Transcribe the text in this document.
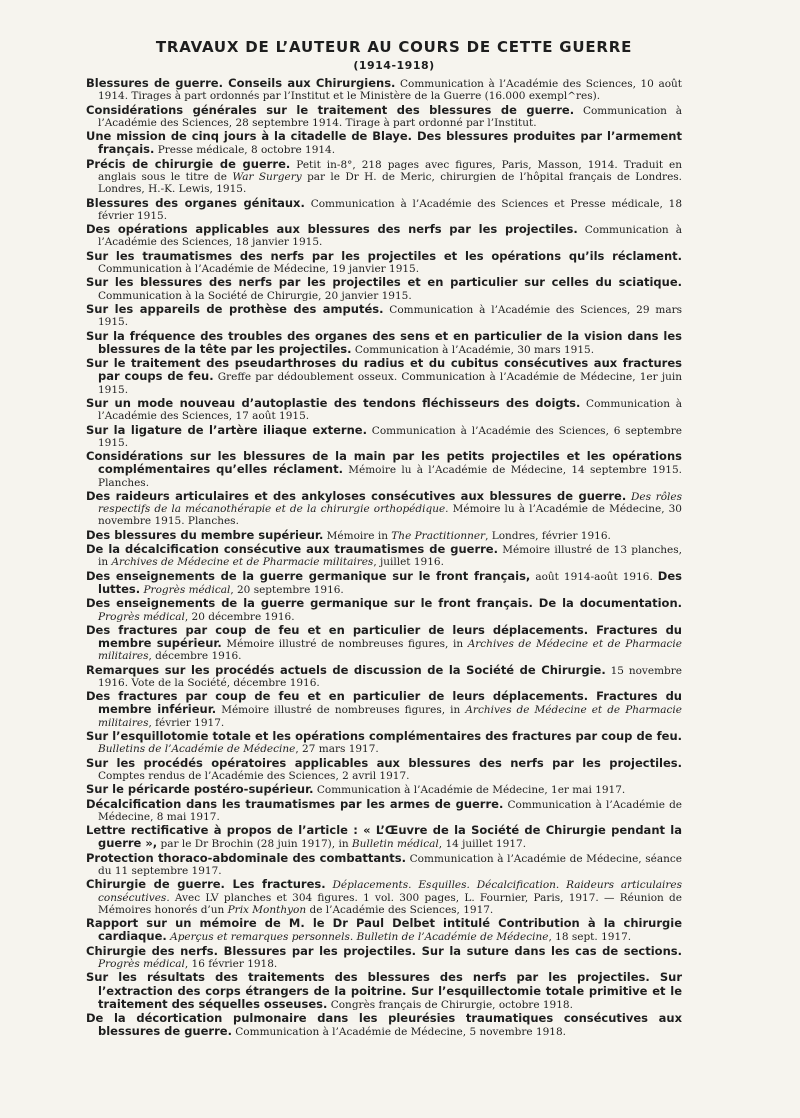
TRAVAUX DE L’AUTEUR AU COURS DE CETTE GUERRE
(1914-1918)
Blessures de guerre. Conseils aux Chirurgiens. Communication à l’Académie des Sciences, 10 août 1914. Tirages à part ordonnés par l’Institut et le Ministère de la Guerre (16.000 exempl^res).
Considérations générales sur le traitement des blessures de guerre. Communication à l’Académie des Sciences, 28 septembre 1914. Tirage à part ordonné par l’Institut.
Une mission de cinq jours à la citadelle de Blaye. Des blessures produites par l’armement français. Presse médicale, 8 octobre 1914.
Précis de chirurgie de guerre. Petit in-8°, 218 pages avec figures, Paris, Masson, 1914. Traduit en anglais sous le titre de War Surgery par le Dr H. de Meric, chirurgien de l’hôpital français de Londres. Londres, H.-K. Lewis, 1915.
Blessures des organes génitaux. Communication à l’Académie des Sciences et Presse médicale, 18 février 1915.
Des opérations applicables aux blessures des nerfs par les projectiles. Communication à l’Académie des Sciences, 18 janvier 1915.
Sur les traumatismes des nerfs par les projectiles et les opérations qu’ils réclament. Communication à l’Académie de Médecine, 19 janvier 1915.
Sur les blessures des nerfs par les projectiles et en particulier sur celles du sciatique. Communication à la Société de Chirurgie, 20 janvier 1915.
Sur les appareils de prothèse des amputés. Communication à l’Académie des Sciences, 29 mars 1915.
Sur la fréquence des troubles des organes des sens et en particulier de la vision dans les blessures de la tête par les projectiles. Communication à l’Académie, 30 mars 1915.
Sur le traitement des pseudarthroses du radius et du cubitus consécutives aux fractures par coups de feu. Greffe par dédoublement osseux. Communication à l’Académie de Médecine, 1er juin 1915.
Sur un mode nouveau d’autoplastie des tendons fléchisseurs des doigts. Communication à l’Académie des Sciences, 17 août 1915.
Sur la ligature de l’artère iliaque externe. Communication à l’Académie des Sciences, 6 septembre 1915.
Considérations sur les blessures de la main par les petits projectiles et les opérations complémentaires qu’elles réclament. Mémoire lu à l’Académie de Médecine, 14 septembre 1915. Planches.
Des raideurs articulaires et des ankyloses consécutives aux blessures de guerre. Des rôles respectifs de la mécanothérapie et de la chirurgie orthopédique. Mémoire lu à l’Académie de Médecine, 30 novembre 1915. Planches.
Des blessures du membre supérieur. Mémoire in The Practitionner, Londres, février 1916.
De la décalcification consécutive aux traumatismes de guerre. Mémoire illustré de 13 planches, in Archives de Médecine et de Pharmacie militaires, juillet 1916.
Des enseignements de la guerre germanique sur le front français, août 1914-août 1916. Des luttes. Progrès médical, 20 septembre 1916.
Des enseignements de la guerre germanique sur le front français. De la documentation. Progrès médical, 20 décembre 1916.
Des fractures par coup de feu et en particulier de leurs déplacements. Fractures du membre supérieur. Mémoire illustré de nombreuses figures, in Archives de Médecine et de Pharmacie militaires, décembre 1916.
Remarques sur les procédés actuels de discussion de la Société de Chirurgie. 15 novembre 1916. Vote de la Société, décembre 1916.
Des fractures par coup de feu et en particulier de leurs déplacements. Fractures du membre inférieur. Mémoire illustré de nombreuses figures, in Archives de Médecine et de Pharmacie militaires, février 1917.
Sur l’esquillotomie totale et les opérations complémentaires des fractures par coup de feu. Bulletins de l’Académie de Médecine, 27 mars 1917.
Sur les procédés opératoires applicables aux blessures des nerfs par les projectiles. Comptes rendus de l’Académie des Sciences, 2 avril 1917.
Sur le péricarde postéro-supérieur. Communication à l’Académie de Médecine, 1er mai 1917.
Décalcification dans les traumatismes par les armes de guerre. Communication à l’Académie de Médecine, 8 mai 1917.
Lettre rectificative à propos de l’article : « L’Œuvre de la Société de Chirurgie pendant la guerre », par le Dr Brochin (28 juin 1917), in Bulletin médical, 14 juillet 1917.
Protection thoraco-abdominale des combattants. Communication à l’Académie de Médecine, séance du 11 septembre 1917.
Chirurgie de guerre. Les fractures. Déplacements. Esquilles. Décalcification. Raideurs articulaires consécutives. Avec LV planches et 304 figures. 1 vol. 300 pages, L. Fournier, Paris, 1917. — Réunion de Mémoires honorés d’un Prix Monthyon de l’Académie des Sciences, 1917.
Rapport sur un mémoire de M. le Dr Paul Delbet intitulé Contribution à la chirurgie cardiaque. Aperçus et remarques personnels. Bulletin de l’Académie de Médecine, 18 sept. 1917.
Chirurgie des nerfs. Blessures par les projectiles. Sur la suture dans les cas de sections. Progrès médical, 16 février 1918.
Sur les résultats des traitements des blessures des nerfs par les projectiles. Sur l’extraction des corps étrangers de la poitrine. Sur l’esquillectomie totale primitive et le traitement des séquelles osseuses. Congrès français de Chirurgie, octobre 1918.
De la décortication pulmonaire dans les pleurésies traumatiques consécutives aux blessures de guerre. Communication à l’Académie de Médecine, 5 novembre 1918.
